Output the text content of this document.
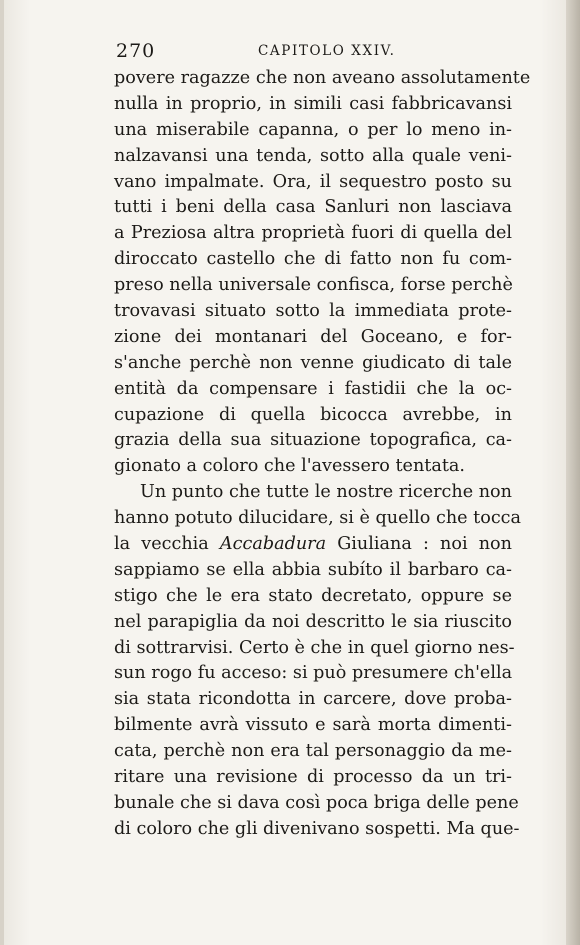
270	CAPITOLO XXIV.
povere ragazze che non aveano assolutamente
nulla in proprio, in simili casi fabbricavansi
una miserabile capanna, o per lo meno in-
nalzavansi una tenda, sotto alla quale veni-
vano impalmate. Ora, il sequestro posto su
tutti i beni della casa Sanluri non lasciava
a Preziosa altra proprietà fuori di quella del
diroccato castello che di fatto non fu com-
preso nella universale confisca, forse perchè
trovavasi situato sotto la immediata prote-
zione dei montanari del Goceano, e for-
s'anche perchè non venne giudicato di tale
entità da compensare i fastidii che la oc-
cupazione di quella bicocca avrebbe, in
grazia della sua situazione topografica, ca-
gionato a coloro che l'avessero tentata.
Un punto che tutte le nostre ricerche non
hanno potuto dilucidare, si è quello che tocca
la vecchia Accabadura Giuliana : noi non
sappiamo se ella abbia subíto il barbaro ca-
stigo che le era stato decretato, oppure se
nel parapiglia da noi descritto le sia riuscito
di sottrarvisi. Certo è che in quel giorno nes-
sun rogo fu acceso: si può presumere ch'ella
sia stata ricondotta in carcere, dove proba-
bilmente avrà vissuto e sarà morta dimenti-
cata, perchè non era tal personaggio da me-
ritare una revisione di processo da un tri-
bunale che si dava così poca briga delle pene
di coloro che gli divenivano sospetti. Ma que-
